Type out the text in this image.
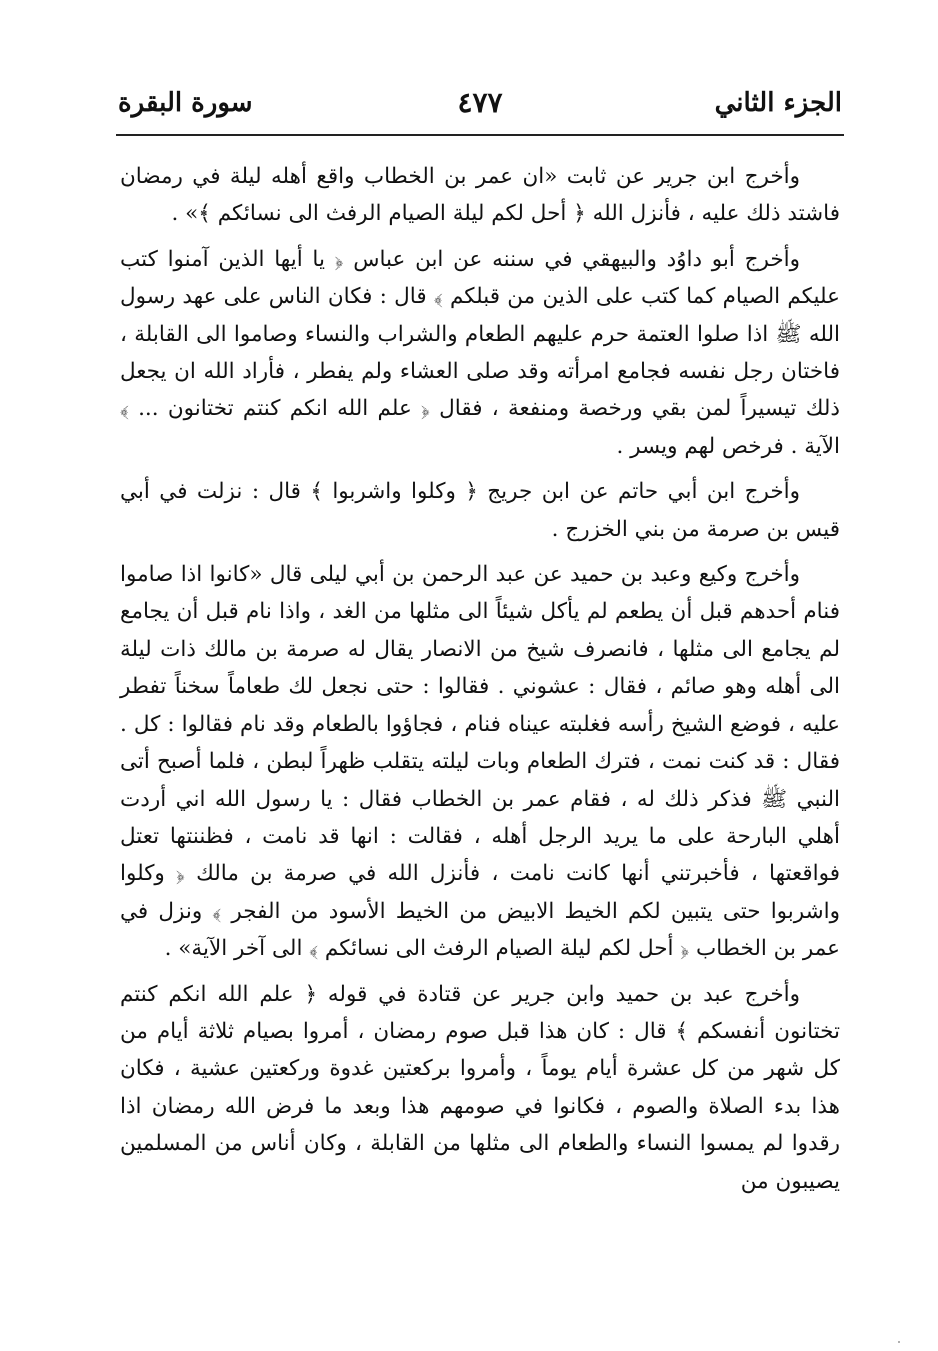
الجزء الثاني
٤٧٧
سورة البقرة

وأخرج ابن جرير عن ثابت «ان عمر بن الخطاب واقع أهله ليلة في رمضان فاشتد ذلك عليه ، فأنزل الله ﴿ أحل لكم ليلة الصيام الرفث الى نسائكم ﴾» .

وأخرج أبو داوُد والبيهقي في سننه عن ابن عباس ﴿ يا أيها الذين آمنوا كتب عليكم الصيام كما كتب على الذين من قبلكم ﴾ قال : فكان الناس على عهد رسول الله ﷺ اذا صلوا العتمة حرم عليهم الطعام والشراب والنساء وصاموا الى القابلة ، فاختان رجل نفسه فجامع امرأته وقد صلى العشاء ولم يفطر ، فأراد الله ان يجعل ذلك تيسيراً لمن بقي ورخصة ومنفعة ، فقال ﴿ علم الله انكم كنتم تختانون ... ﴾ الآية . فرخص لهم ويسر .

وأخرج ابن أبي حاتم عن ابن جريج ﴿ وكلوا واشربوا ﴾ قال : نزلت في أبي قيس بن صرمة من بني الخزرج .

وأخرج وكيع وعبد بن حميد عن عبد الرحمن بن أبي ليلى قال «كانوا اذا صاموا فنام أحدهم قبل أن يطعم لم يأكل شيئاً الى مثلها من الغد ، واذا نام قبل أن يجامع لم يجامع الى مثلها ، فانصرف شيخ من الانصار يقال له صرمة بن مالك ذات ليلة الى أهله وهو صائم ، فقال : عشوني . فقالوا : حتى نجعل لك طعاماً سخناً تفطر عليه ، فوضع الشيخ رأسه فغلبته عيناه فنام ، فجاؤوا بالطعام وقد نام فقالوا : كل . فقال : قد كنت نمت ، فترك الطعام وبات ليلته يتقلب ظهراً لبطن ، فلما أصبح أتى النبي ﷺ فذكر ذلك له ، فقام عمر بن الخطاب فقال : يا رسول الله اني أردت أهلي البارحة على ما يريد الرجل أهله ، فقالت : انها قد نامت ، فظننتها تعتل فواقعتها ، فأخبرتني أنها كانت نامت ، فأنزل الله في صرمة بن مالك ﴿ وكلوا واشربوا حتى يتبين لكم الخيط الابيض من الخيط الأسود من الفجر ﴾ ونزل في عمر بن الخطاب ﴿ أحل لكم ليلة الصيام الرفث الى نسائكم ﴾ الى آخر الآية» .

وأخرج عبد بن حميد وابن جرير عن قتادة في قوله ﴿ علم الله انكم كنتم تختانون أنفسكم ﴾ قال : كان هذا قبل صوم رمضان ، أمروا بصيام ثلاثة أيام من كل شهر من كل عشرة أيام يوماً ، وأمروا بركعتين غدوة وركعتين عشية ، فكان هذا بدء الصلاة والصوم ، فكانوا في صومهم هذا وبعد ما فرض الله رمضان اذا رقدوا لم يمسوا النساء والطعام الى مثلها من القابلة ، وكان أناس من المسلمين يصيبون من
